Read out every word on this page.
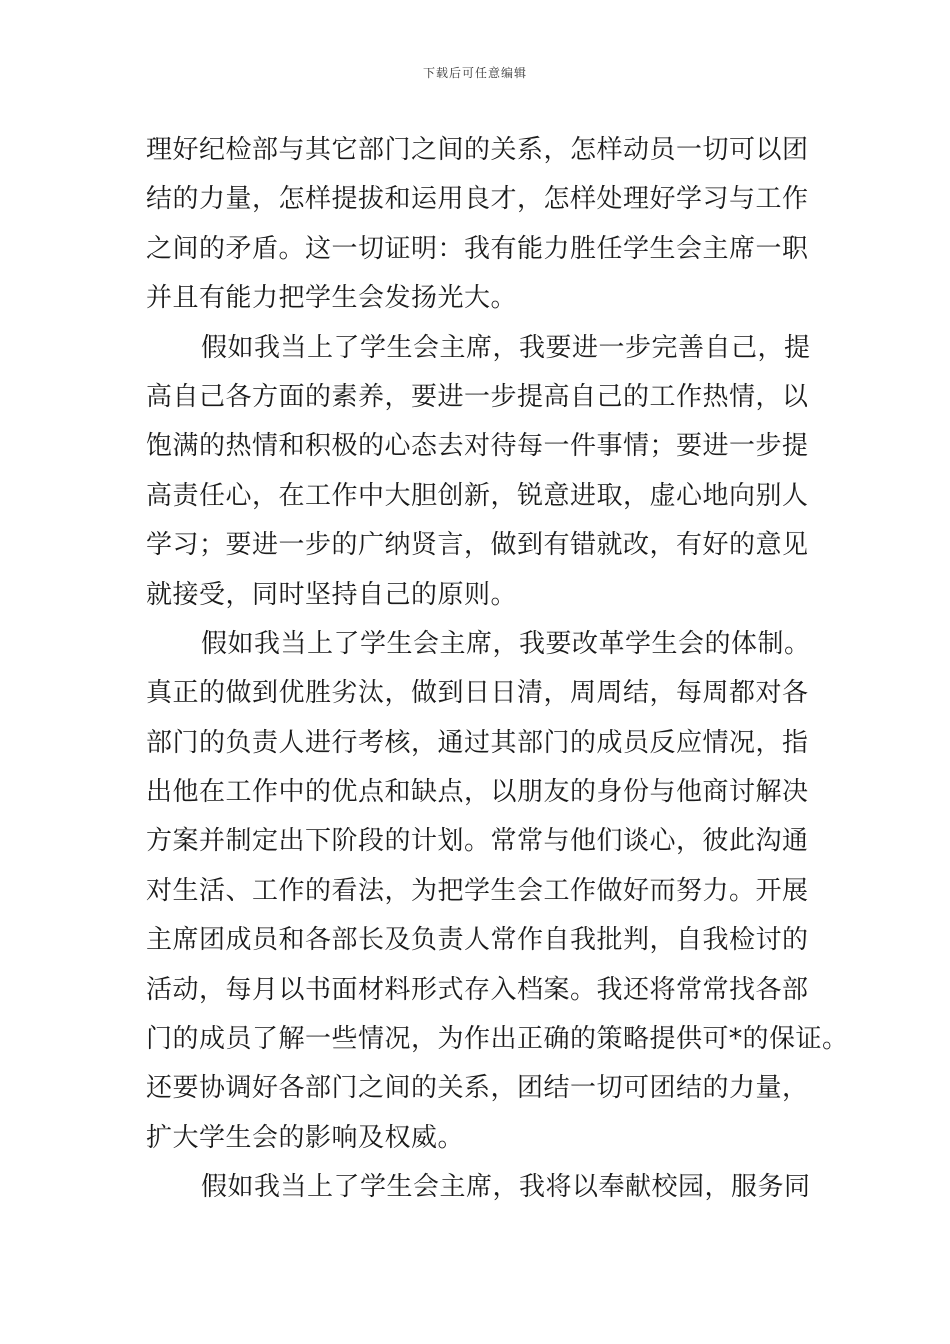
下载后可任意编辑
理好纪检部与其它部门之间的关系，怎样动员一切可以团
结的力量，怎样提拔和运用良才，怎样处理好学习与工作
之间的矛盾。这一切证明：我有能力胜任学生会主席一职
并且有能力把学生会发扬光大。
假如我当上了学生会主席，我要进一步完善自己，提
高自己各方面的素养，要进一步提高自己的工作热情，以
饱满的热情和积极的心态去对待每一件事情；要进一步提
高责任心，在工作中大胆创新，锐意进取，虚心地向别人
学习；要进一步的广纳贤言，做到有错就改，有好的意见
就接受，同时坚持自己的原则。
假如我当上了学生会主席，我要改革学生会的体制。
真正的做到优胜劣汰，做到日日清，周周结，每周都对各
部门的负责人进行考核，通过其部门的成员反应情况，指
出他在工作中的优点和缺点，以朋友的身份与他商讨解决
方案并制定出下阶段的计划。常常与他们谈心，彼此沟通
对生活、工作的看法，为把学生会工作做好而努力。开展
主席团成员和各部长及负责人常作自我批判，自我检讨的
活动，每月以书面材料形式存入档案。我还将常常找各部
门的成员了解一些情况，为作出正确的策略提供可*的保证。
还要协调好各部门之间的关系，团结一切可团结的力量，
扩大学生会的影响及权威。
假如我当上了学生会主席，我将以奉献校园，服务同
